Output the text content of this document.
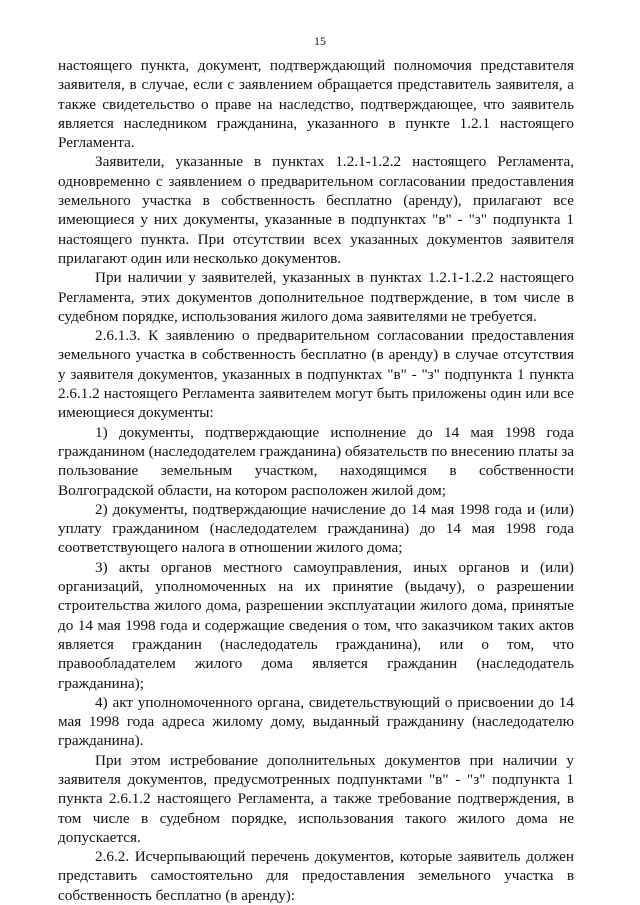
15

настоящего пункта, документ, подтверждающий полномочия представителя заявителя, в случае, если с заявлением обращается представитель заявителя, а также свидетельство о праве на наследство, подтверждающее, что заявитель является наследником гражданина, указанного в пункте 1.2.1 настоящего Регламента.

Заявители, указанные в пунктах 1.2.1-1.2.2 настоящего Регламента, одновременно с заявлением о предварительном согласовании предоставления земельного участка в собственность бесплатно (аренду), прилагают все имеющиеся у них документы, указанные в подпунктах "в" - "з" подпункта 1 настоящего пункта. При отсутствии всех указанных документов заявителя прилагают один или несколько документов.

При наличии у заявителей, указанных в пунктах 1.2.1-1.2.2 настоящего Регламента, этих документов дополнительное подтверждение, в том числе в судебном порядке, использования жилого дома заявителями не требуется.

2.6.1.3. К заявлению о предварительном согласовании предоставления земельного участка в собственность бесплатно (в аренду) в случае отсутствия у заявителя документов, указанных в подпунктах "в" - "з" подпункта 1 пункта 2.6.1.2 настоящего Регламента заявителем могут быть приложены один или все имеющиеся документы:

1) документы, подтверждающие исполнение до 14 мая 1998 года гражданином (наследодателем гражданина) обязательств по внесению платы за пользование земельным участком, находящимся в собственности Волгоградской области, на котором расположен жилой дом;

2) документы, подтверждающие начисление до 14 мая 1998 года и (или) уплату гражданином (наследодателем гражданина) до 14 мая 1998 года соответствующего налога в отношении жилого дома;

3) акты органов местного самоуправления, иных органов и (или) организаций, уполномоченных на их принятие (выдачу), о разрешении строительства жилого дома, разрешении эксплуатации жилого дома, принятые до 14 мая 1998 года и содержащие сведения о том, что заказчиком таких актов является гражданин (наследодатель гражданина), или о том, что правообладателем жилого дома является гражданин (наследодатель гражданина);

4) акт уполномоченного органа, свидетельствующий о присвоении до 14 мая 1998 года адреса жилому дому, выданный гражданину (наследодателю гражданина).

При этом истребование дополнительных документов при наличии у заявителя документов, предусмотренных подпунктами "в" - "з" подпункта 1 пункта 2.6.1.2 настоящего Регламента, а также требование подтверждения, в том числе в судебном порядке, использования такого жилого дома не допускается.

2.6.2. Исчерпывающий перечень документов, которые заявитель должен представить самостоятельно для предоставления земельного участка в собственность бесплатно (в аренду):
